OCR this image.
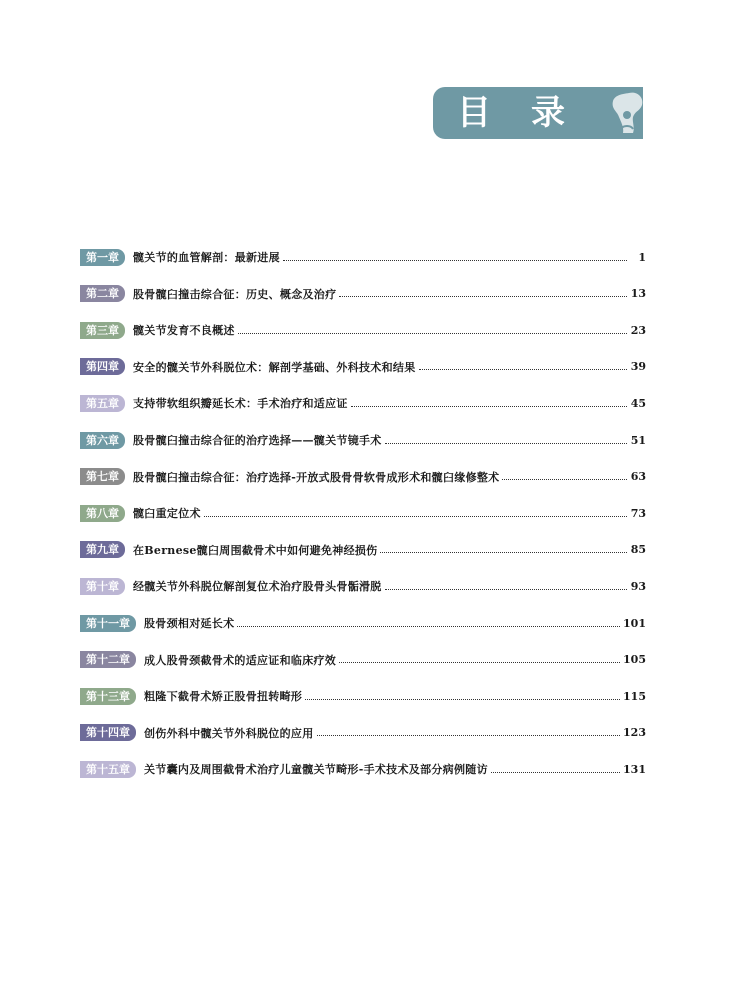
目录
第一章	髋关节的血管解剖：最新进展	1
第二章	股骨髋臼撞击综合征：历史、概念及治疗	13
第三章	髋关节发育不良概述	23
第四章	安全的髋关节外科脱位术：解剖学基础、外科技术和结果	39
第五章	支持带软组织瓣延长术：手术治疗和适应证	45
第六章	股骨髋臼撞击综合征的治疗选择——髋关节镜手术	51
第七章	股骨髋臼撞击综合征：治疗选择-开放式股骨骨软骨成形术和髋臼缘修整术	63
第八章	髋臼重定位术	73
第九章	在Bernese髋臼周围截骨术中如何避免神经损伤	85
第十章	经髋关节外科脱位解剖复位术治疗股骨头骨骺滑脱	93
第十一章	股骨颈相对延长术	101
第十二章	成人股骨颈截骨术的适应证和临床疗效	105
第十三章	粗隆下截骨术矫正股骨扭转畸形	115
第十四章	创伤外科中髋关节外科脱位的应用	123
第十五章	关节囊内及周围截骨术治疗儿童髋关节畸形-手术技术及部分病例随访	131
